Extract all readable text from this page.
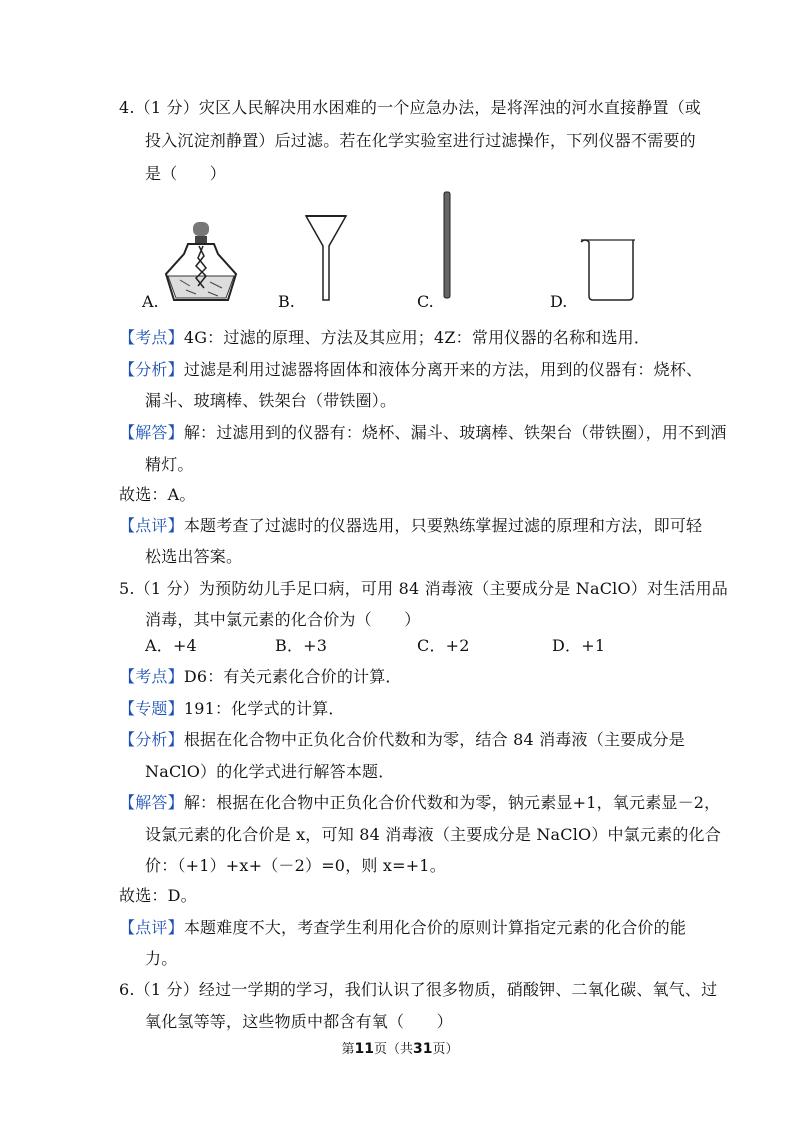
4.（1 分）灾区人民解决用水困难的一个应急办法，是将浑浊的河水直接静置（或
投入沉淀剂静置）后过滤。若在化学实验室进行过滤操作，下列仪器不需要的
是（　　）
A.	B.	C.	D.
【考点】4G：过滤的原理、方法及其应用；4Z：常用仪器的名称和选用．
【分析】过滤是利用过滤器将固体和液体分离开来的方法，用到的仪器有：烧杯、
漏斗、玻璃棒、铁架台（带铁圈）。
【解答】解：过滤用到的仪器有：烧杯、漏斗、玻璃棒、铁架台（带铁圈），用不到酒
精灯。
故选：A。
【点评】本题考查了过滤时的仪器选用，只要熟练掌握过滤的原理和方法，即可轻
松选出答案。
5.（1 分）为预防幼儿手足口病，可用 84 消毒液（主要成分是 NaClO）对生活用品
消毒，其中氯元素的化合价为（　　）
A．+4	B．+3	C．+2	D．+1
【考点】D6：有关元素化合价的计算．
【专题】191：化学式的计算．
【分析】根据在化合物中正负化合价代数和为零，结合 84 消毒液（主要成分是
NaClO）的化学式进行解答本题．
【解答】解：根据在化合物中正负化合价代数和为零，钠元素显+1，氧元素显－2，
设氯元素的化合价是 x，可知 84 消毒液（主要成分是 NaClO）中氯元素的化合
价：（+1）+x+（－2）=0，则 x=+1。
故选：D。
【点评】本题难度不大，考查学生利用化合价的原则计算指定元素的化合价的能
力。
6.（1 分）经过一学期的学习，我们认识了很多物质，硝酸钾、二氧化碳、氧气、过
氧化氢等等，这些物质中都含有氧（　　）
第11页（共31页）
